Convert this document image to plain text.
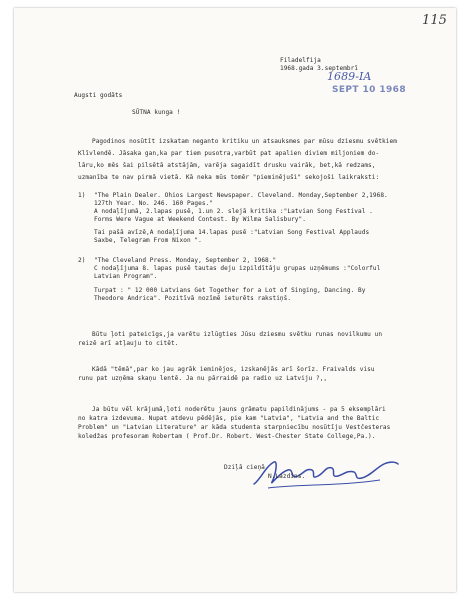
115
Filadelfija
1968.gada 3.septembrī
1689-IA
SEPT 10 1968
Augsti godāts
SŪTNA kunga !
Pagodinos nosūtīt izskatam neganto kritiku un atsauksmes par mūsu dziesmu svētkiem
Klīvlendē. Jāsaka gan,ka par tiem pusotra,varbūt pat apalien diviem miljoniem do-
lāru,ko mēs šai pilsētā atstājām, varēja sagaidīt drusku vairāk, bet,kā redzams,
uzmanība te nav pirmā vietā. Kā neka mūs tomēr "pieminējuši" sekojoši laikraksti:
1) "The Plain Dealer. Ohios Largest Newspaper. Cleveland. Monday,September 2,1968.
127th Year. No. 246. 160 Pages."
A nodaļījumā, 2.lapas pusē, 1.un 2. slejā kritika :"Latvian Song Festival .
Forms Were Vague at Weekend Contest. By Wilma Salisbury".
Tai pašā avīzē,A nodaļījuma 14.lapas pusē :"Latvian Song Festival Applauds
Saxbe, Telegram From Nixon ".
2) "The Cleveland Press. Monday, September 2, 1968."
C nodaļījuma 8. lapas pusē tautas deju izpildītāju grupas uzņēmums :"Colorful
Latvian Program".
Turpat : " 12 000 Latvians Get Together for a Lot of Singing, Dancing. By
Theodore Andrica". Pozitīvā nozīmē ieturēts rakstiņš.
Būtu ļoti pateicīgs,ja varētu izlūgties Jūsu dziesmu svētku runas novilkumu un
reizē arī atļauju to citēt.
Kādā "tēmā",par ko jau agrāk ieminējos, izskanējās arī šorīz. Fraivalds visu
runu pat uzņēma skaņu lentē. Ja nu pārraidē pa radio uz Latviju ?,,
Ja būtu vēl krājumā,ļoti noderētu jauns grāmatu papildinājums - pa 5 eksemplāri
no katra izdevuma. Nupat atdevu pēdējās, pie kam "Latvia", "Latvia and the Baltic
Problem" un "Latvian Literature" ar kāda studenta starpniecību nosūtīju Vestčesteras
koledžas profesoram Robertam ( Prof.Dr. Robert. West-Chester State College,Pa.).
Dziļā cieņā
N.Lazdins.
